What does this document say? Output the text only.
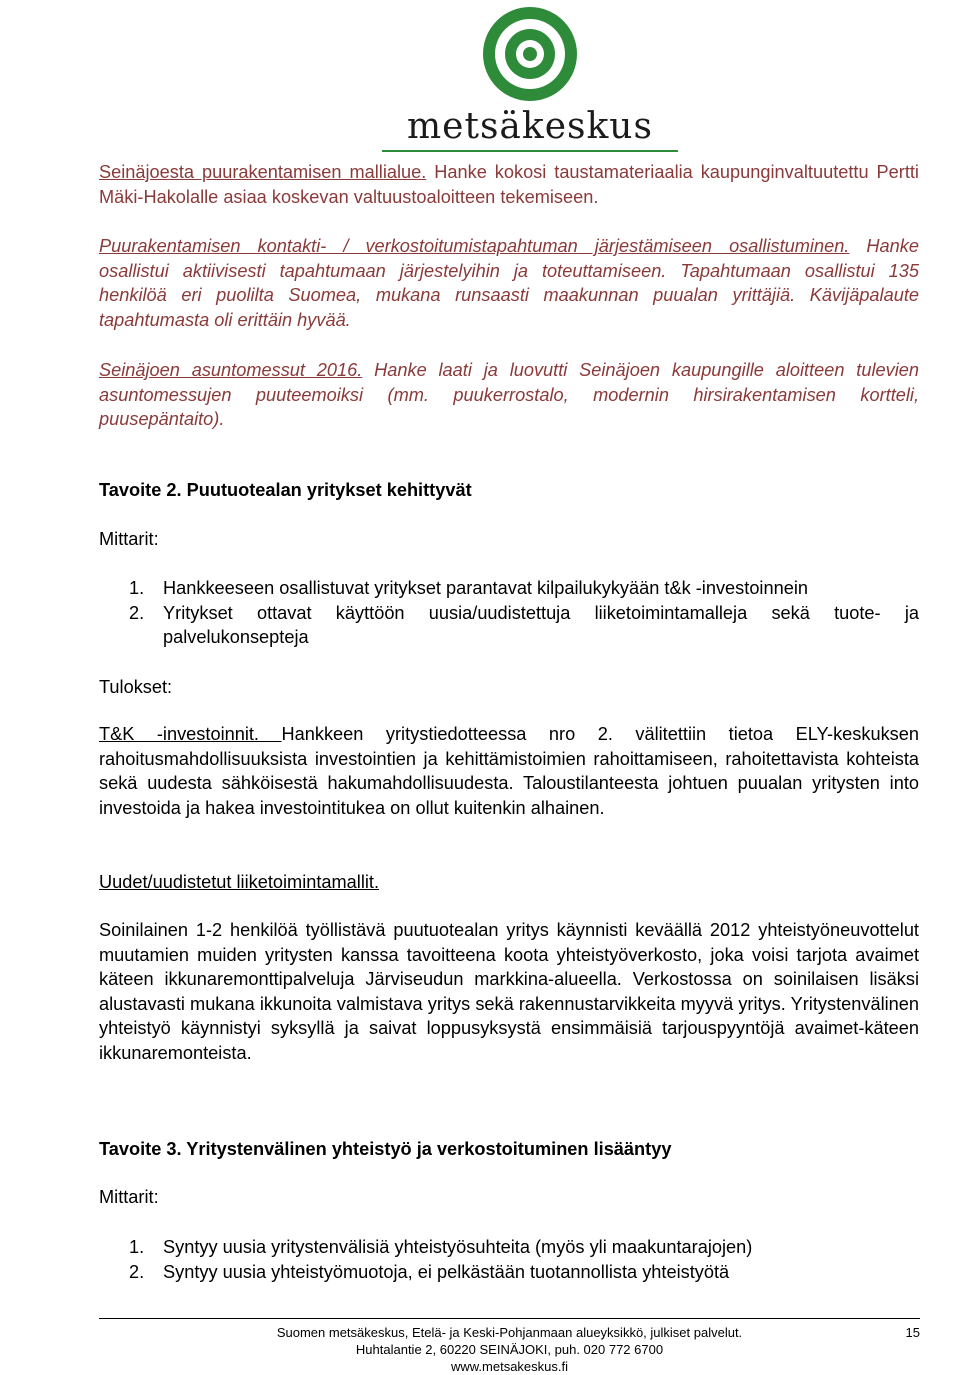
metsäkeskus

Seinäjoesta puurakentamisen mallialue. Hanke kokosi taustamateriaalia kaupunginvaltuutettu Pertti Mäki-Hakolalle asiaa koskevan valtuustoaloitteen tekemiseen.

Puurakentamisen kontakti- / verkostoitumistapahtuman järjestämiseen osallistuminen. Hanke osallistui aktiivisesti tapahtumaan järjestelyihin ja toteuttamiseen. Tapahtumaan osallistui 135 henkilöä eri puolilta Suomea, mukana runsaasti maakunnan puualan yrittäjiä. Kävijäpalaute tapahtumasta oli erittäin hyvää.

Seinäjoen asuntomessut 2016. Hanke laati ja luovutti Seinäjoen kaupungille aloitteen tulevien asuntomessujen puuteemoiksi (mm. puukerrostalo, modernin hirsirakentamisen kortteli, puusepäntaito).

Tavoite 2. Puutuotealan yritykset kehittyvät

Mittarit:

1. Hankkeeseen osallistuvat yritykset parantavat kilpailukykyään t&k -investoinnein
2. Yritykset ottavat käyttöön uusia/uudistettuja liiketoimintamalleja sekä tuote- ja palvelukonsepteja

Tulokset:

T&K -investoinnit. Hankkeen yritystiedotteessa nro 2. välitettiin tietoa ELY-keskuksen rahoitusmahdollisuuksista investointien ja kehittämistoimien rahoittamiseen, rahoitettavista kohteista sekä uudesta sähköisestä hakumahdollisuudesta. Taloustilanteesta johtuen puualan yritysten into investoida ja hakea investointitukea on ollut kuitenkin alhainen.

Uudet/uudistetut liiketoimintamallit.

Soinilainen 1-2 henkilöä työllistävä puutuotealan yritys käynnisti keväällä 2012 yhteistyöneuvottelut muutamien muiden yritysten kanssa tavoitteena koota yhteistyöverkosto, joka voisi tarjota avaimet käteen ikkunaremonttipalveluja Järviseudun markkina-alueella. Verkostossa on soinilaisen lisäksi alustavasti mukana ikkunoita valmistava yritys sekä rakennustarvikkeita myyvä yritys. Yritystenvälinen yhteistyö käynnistyi syksyllä ja saivat loppusyksystä ensimmäisiä tarjouspyyntöjä avaimet-käteen ikkunaremonteista.

Tavoite 3. Yritystenvälinen yhteistyö ja verkostoituminen lisääntyy

Mittarit:

1. Syntyy uusia yritystenvälisiä yhteistyösuhteita (myös yli maakuntarajojen)
2. Syntyy uusia yhteistyömuotoja, ei pelkästään tuotannollista yhteistyötä
Suomen metsäkeskus, Etelä- ja Keski-Pohjanmaan alueyksikkö, julkiset palvelut.
Huhtalantie 2, 60220 SEINÄJOKI, puh. 020 772 6700
www.metsakeskus.fi
15
